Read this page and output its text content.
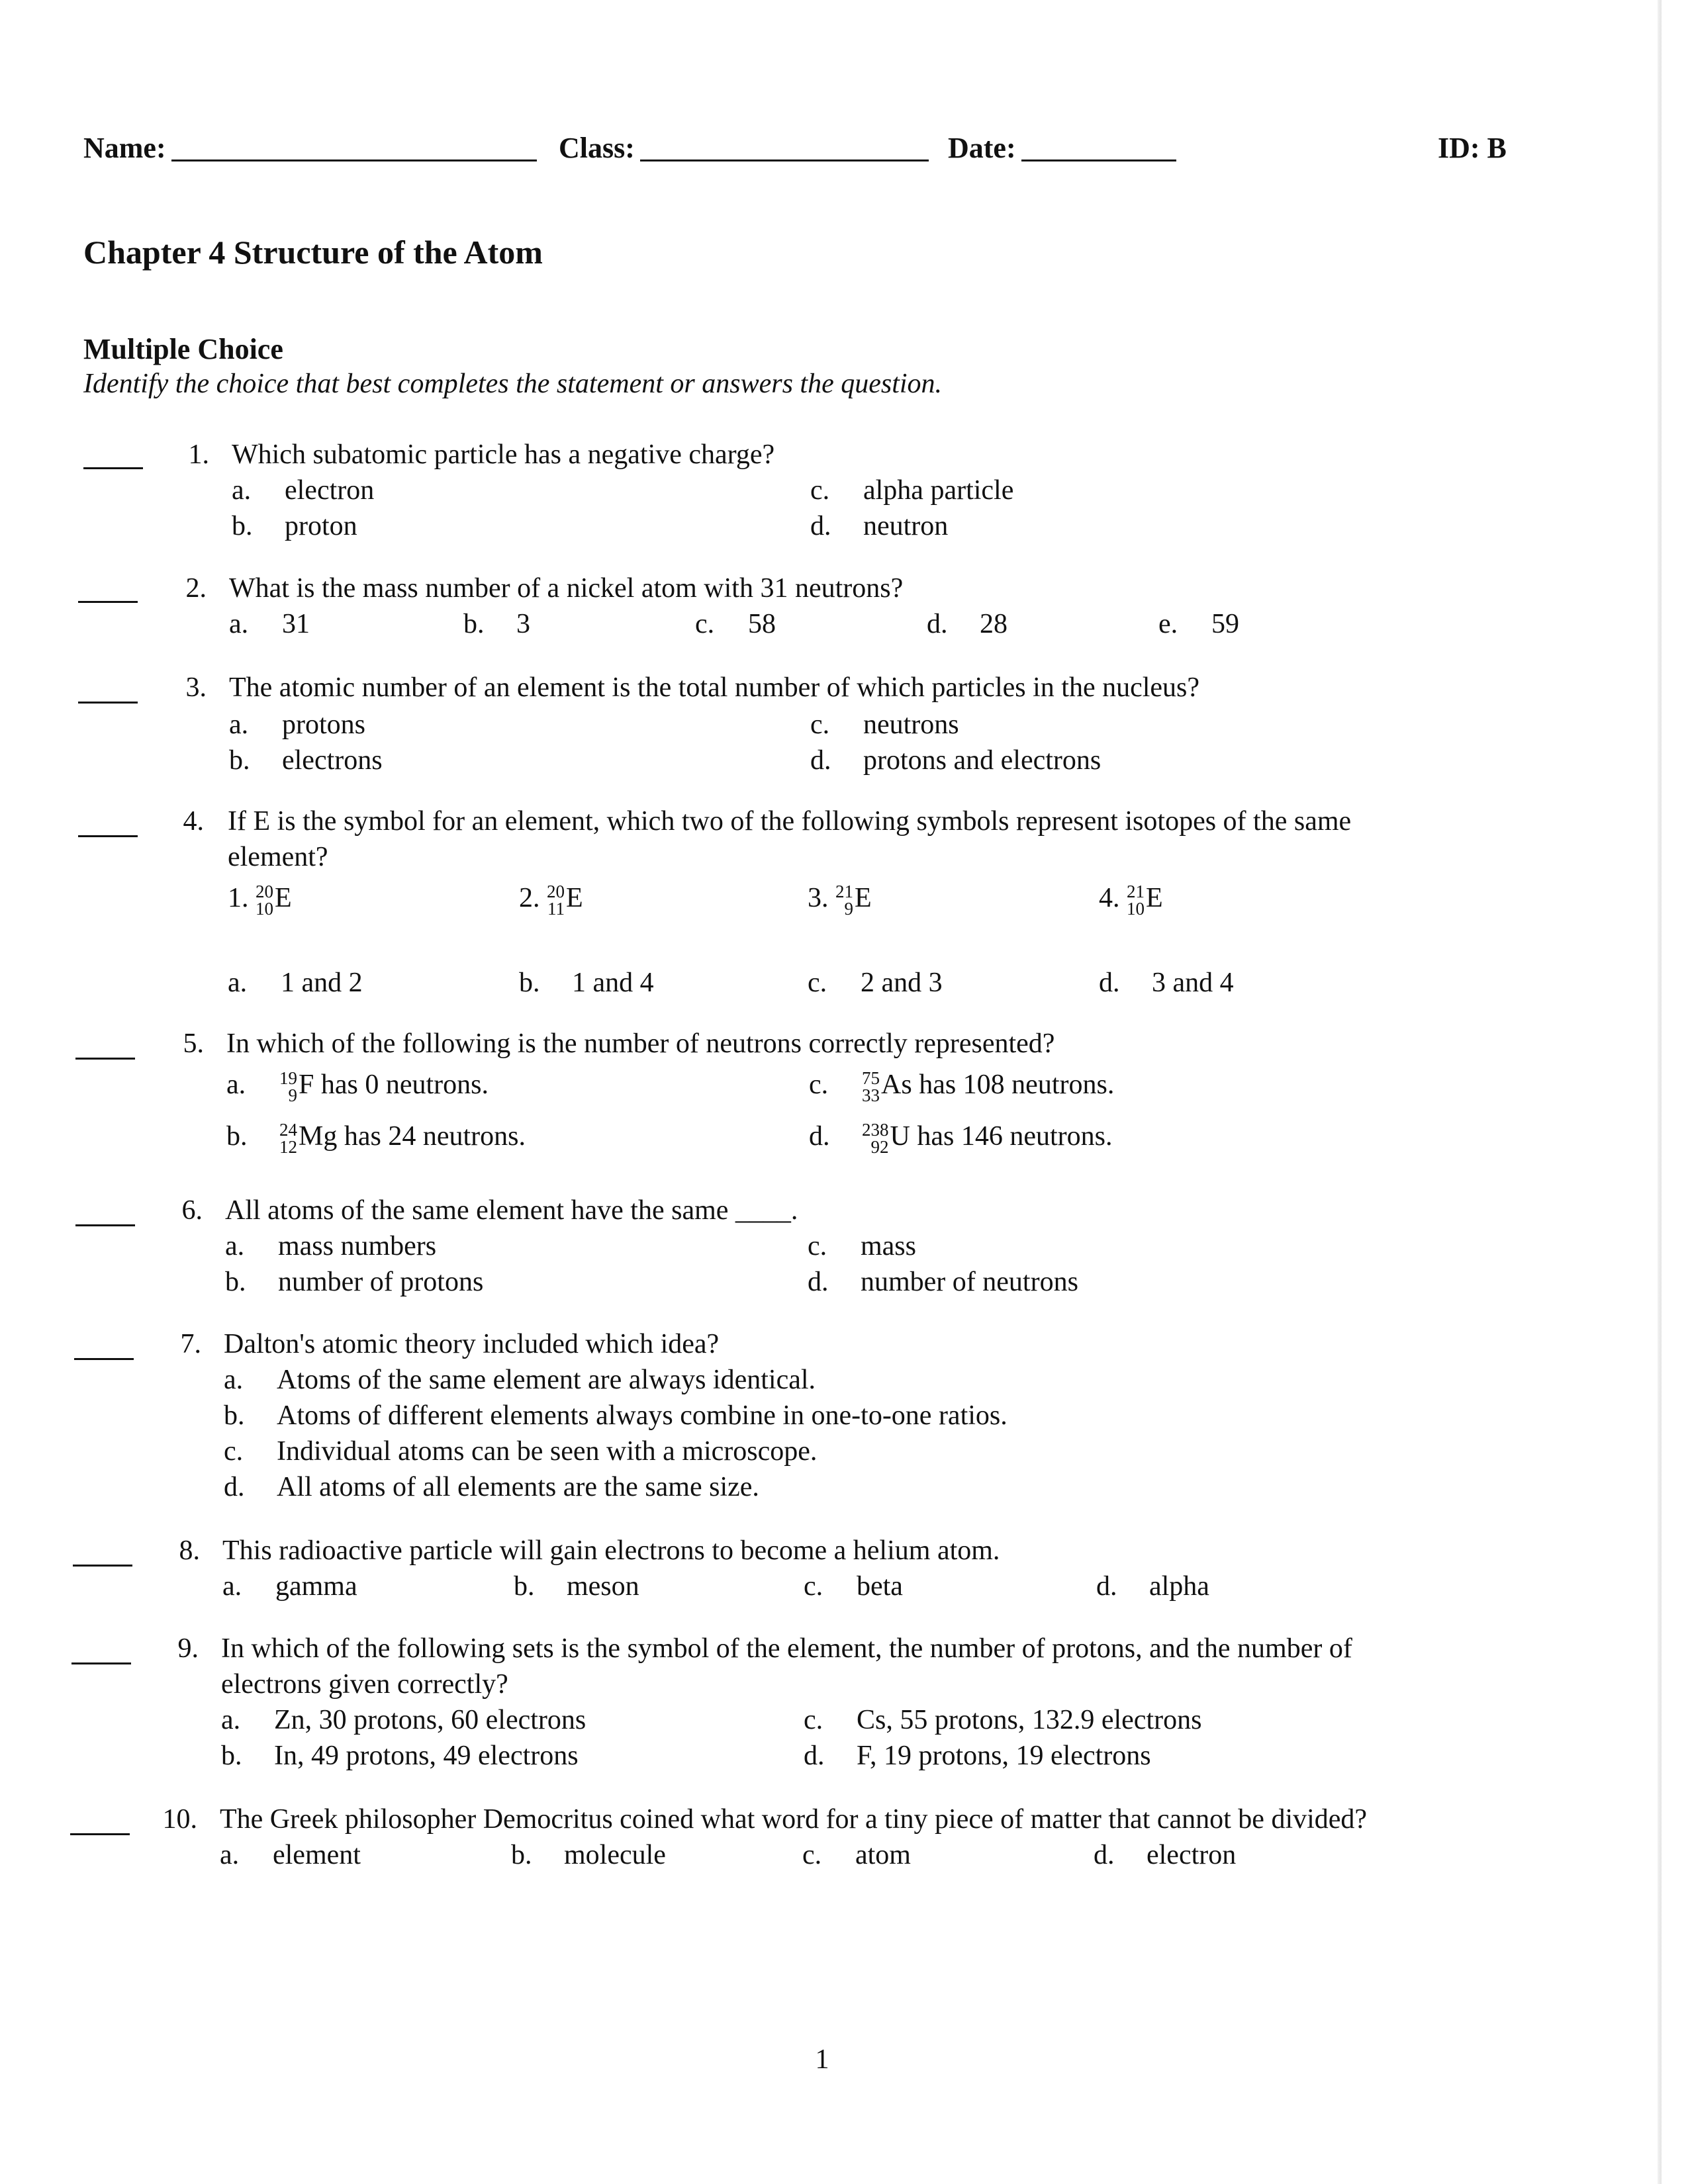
Name:	Class:	Date:	ID: B
Chapter 4 Structure of the Atom
Multiple Choice
Identify the choice that best completes the statement or answers the question.
1. Which subatomic particle has a negative charge?
a. electron
b. proton
c. alpha particle
d. neutron
2. What is the mass number of a nickel atom with 31 neutrons?
a. 31	b. 3	c. 58	d. 28	e. 59
3. The atomic number of an element is the total number of which particles in the nucleus?
a. protons
b. electrons
c. neutrons
d. protons and electrons
4. If E is the symbol for an element, which two of the following symbols represent isotopes of the same
element?
1. 20
10 E	2. 20
11 E	3. 21
9 E	4. 21
10 E
a. 1 and 2	b. 1 and 4	c. 2 and 3	d. 3 and 4
5. In which of the following is the number of neutrons correctly represented?
a. 19
9 F has 0 neutrons.
b. 24
12 Mg has 24 neutrons.
c. 75
33 As has 108 neutrons.
d. 238
92 U has 146 neutrons.
6. All atoms of the same element have the same ____.
a. mass numbers
b. number of protons
c. mass
d. number of neutrons
7. Dalton's atomic theory included which idea?
a. Atoms of the same element are always identical.
b. Atoms of different elements always combine in one-to-one ratios.
c. Individual atoms can be seen with a microscope.
d. All atoms of all elements are the same size.
8. This radioactive particle will gain electrons to become a helium atom.
a. gamma	b. meson	c. beta	d. alpha
9. In which of the following sets is the symbol of the element, the number of protons, and the number of
electrons given correctly?
a. Zn, 30 protons, 60 electrons
b. In, 49 protons, 49 electrons
c. Cs, 55 protons, 132.9 electrons
d. F, 19 protons, 19 electrons
10. The Greek philosopher Democritus coined what word for a tiny piece of matter that cannot be divided?
a. element	b. molecule	c. atom	d. electron
1
